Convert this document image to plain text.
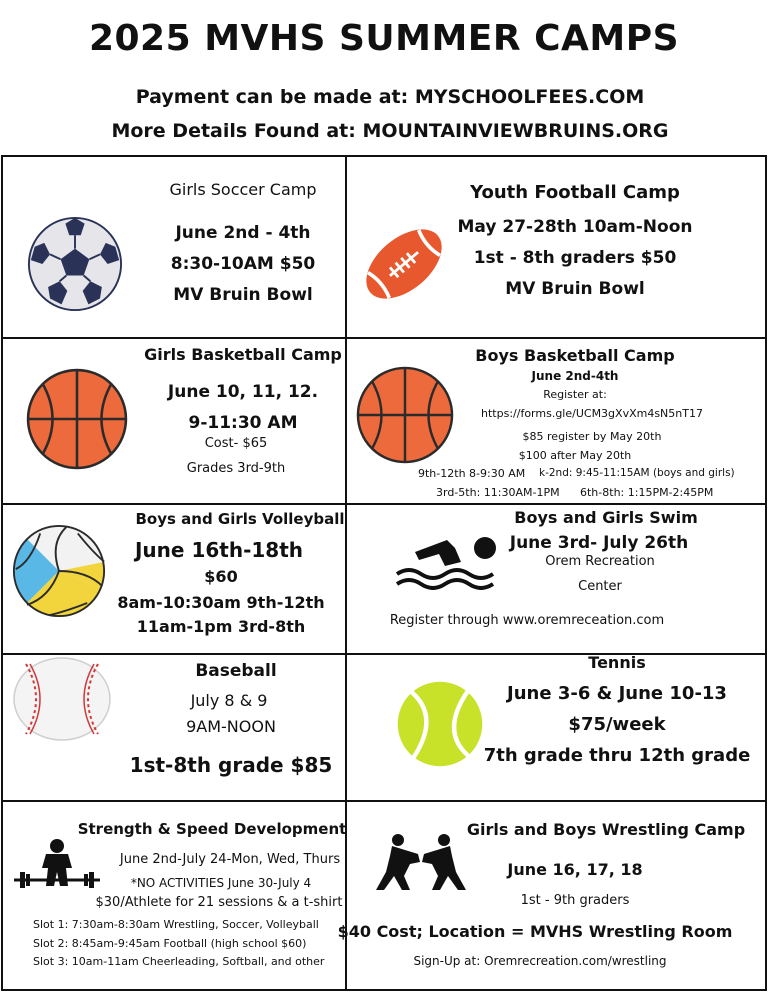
2025 MVHS SUMMER CAMPS
Payment can be made at: MYSCHOOLFEES.COM
More Details Found at: MOUNTAINVIEWBRUINS.ORG
Girls Soccer Camp
June 2nd - 4th
8:30-10AM $50
MV Bruin Bowl
Youth Football Camp
May 27-28th 10am-Noon
1st - 8th graders $50
MV Bruin Bowl
Girls Basketball Camp
June 10, 11, 12.
9-11:30 AM
Cost- $65
Grades 3rd-9th
Boys Basketball Camp
June 2nd-4th
Register at:
https://forms.gle/UCM3gXvXm4sN5nT17
$85 register by May 20th
$100 after May 20th
9th-12th 8-9:30 AM k-2nd: 9:45-11:15AM (boys and girls)
3rd-5th: 11:30AM-1PM 6th-8th: 1:15PM-2:45PM
Boys and Girls Volleyball
June 16th-18th
$60
8am-10:30am 9th-12th
11am-1pm 3rd-8th
Boys and Girls Swim
June 3rd- July 26th
Orem Recreation
Center
Register through www.oremreceation.com
Baseball
July 8 & 9
9AM-NOON
1st-8th grade $85
Tennis
June 3-6 & June 10-13
$75/week
7th grade thru 12th grade
Strength & Speed Development
June 2nd-July 24-Mon, Wed, Thurs
*NO ACTIVITIES June 30-July 4
$30/Athlete for 21 sessions & a t-shirt
Slot 1: 7:30am-8:30am Wrestling, Soccer, Volleyball
Slot 2: 8:45am-9:45am Football (high school $60)
Slot 3: 10am-11am Cheerleading, Softball, and other
Girls and Boys Wrestling Camp
June 16, 17, 18
1st - 9th graders
$40 Cost; Location = MVHS Wrestling Room
Sign-Up at: Oremrecreation.com/wrestling
